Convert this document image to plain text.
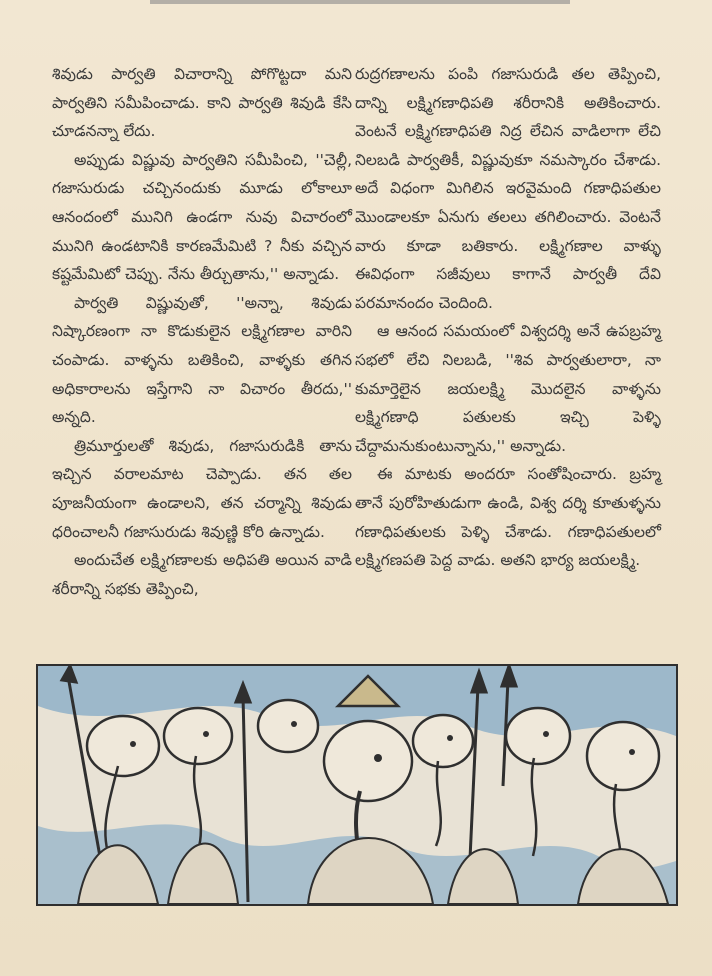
శివుడు పార్వతి విచారాన్ని పోగొట్టదా మని పార్వతిని సమీపించాడు. కాని పార్వతి శివుడి కేసి చూడనన్నా లేదు.

అప్పుడు విష్ణువు పార్వతిని సమీపించి, ''చెల్లీ, గజాసురుడు చచ్చినందుకు మూడు లోకాలూ ఆనందంలో మునిగి ఉండగా నువు విచారంలో మునిగి ఉండటానికి కారణమేమిటి ? నీకు వచ్చిన కష్టమేమిటో చెప్పు. నేను తీర్చుతాను,'' అన్నాడు.

పార్వతి విష్ణువుతో, ''అన్నా, శివుడు నిష్కారణంగా నా కొడుకులైన లక్ష్మిగణాల వారిని చంపాడు. వాళ్ళను బతికించి, వాళ్ళకు తగిన అధికారాలను ఇస్తేగాని నా విచారం తీరదు,'' అన్నది.

త్రిమూర్తులతో శివుడు, గజాసురుడికి తాను ఇచ్చిన వరాలమాట చెప్పాడు. తన తల పూజనీయంగా ఉండాలని, తన చర్మాన్ని శివుడు ధరించాలనీ గజాసురుడు శివుణ్ణి కోరి ఉన్నాడు.

అందుచేత లక్ష్మిగణాలకు అధిపతి అయిన వాడి శరీరాన్ని సభకు తెప్పించి,

రుద్రగణాలను పంపి గజాసురుడి తల తెప్పించి, దాన్ని లక్ష్మిగణాధిపతి శరీరానికి అతికించారు. వెంటనే లక్ష్మిగణాధిపతి నిద్ర లేచిన వాడిలాగా లేచి నిలబడి పార్వతికీ, విష్ణువుకూ నమస్కారం చేశాడు. అదే విధంగా మిగిలిన ఇరవైమంది గణాధిపతుల మొండాలకూ ఏనుగు తలలు తగిలించారు. వెంటనే వారు కూడా బతికారు. లక్ష్మిగణాల వాళ్ళు ఈవిధంగా సజీవులు కాగానే పార్వతీ దేవి పరమానందం చెందింది.

ఆ ఆనంద సమయంలో విశ్వదర్శి అనే ఉపబ్రహ్మ సభలో లేచి నిలబడి, ''శివ పార్వతులారా, నా కుమార్తెలైన జయలక్ష్మి మొదలైన వాళ్ళను లక్ష్మిగణాధి పతులకు ఇచ్చి పెళ్ళి చేద్దామనుకుంటున్నాను,'' అన్నాడు.

ఈ మాటకు అందరూ సంతోషించారు. బ్రహ్మ తానే పురోహితుడుగా ఉండి, విశ్వ దర్శి కూతుళ్ళను గణాధిపతులకు పెళ్ళి చేశాడు. గణాధిపతులలో లక్ష్మిగణపతి పెద్ద వాడు. అతని భార్య జయలక్ష్మి.
